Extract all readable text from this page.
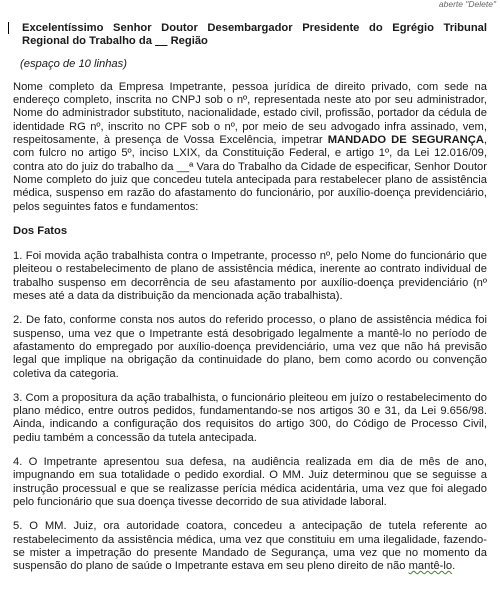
aberte "Delete"

Excelentíssimo Senhor Doutor Desembargador Presidente do Egrégio Tribunal Regional do Trabalho da __ Região

(espaço de 10 linhas)

Nome completo da Empresa Impetrante, pessoa jurídica de direito privado, com sede na endereço completo, inscrita no CNPJ sob o nº, representada neste ato por seu administrador, Nome do administrador substituto, nacionalidade, estado civil, profissão, portador da cédula de identidade RG nº, inscrito no CPF sob o nº, por meio de seu advogado infra assinado, vem, respeitosamente, à presença de Vossa Excelência, impetrar MANDADO DE SEGURANÇA, com fulcro no artigo 5º, inciso LXIX, da Constituição Federal, e artigo 1º, da Lei 12.016/09, contra ato do juiz do trabalho da __ª Vara do Trabalho da Cidade de especificar, Senhor Doutor Nome completo do juiz que concedeu tutela antecipada para restabelecer plano de assistência médica, suspenso em razão do afastamento do funcionário, por auxílio-doença previdenciário, pelos seguintes fatos e fundamentos:

Dos Fatos

1. Foi movida ação trabalhista contra o Impetrante, processo nº, pelo Nome do funcionário que pleiteou o restabelecimento de plano de assistência médica, inerente ao contrato individual de trabalho suspenso em decorrência de seu afastamento por auxílio-doença previdenciário (nº meses até a data da distribuição da mencionada ação trabalhista).

2. De fato, conforme consta nos autos do referido processo, o plano de assistência médica foi suspenso, uma vez que o Impetrante está desobrigado legalmente a mantê-lo no período de afastamento do empregado por auxílio-doença previdenciário, uma vez que não há previsão legal que implique na obrigação da continuidade do plano, bem como acordo ou convenção coletiva da categoria.

3. Com a propositura da ação trabalhista, o funcionário pleiteou em juízo o restabelecimento do plano médico, entre outros pedidos, fundamentando-se nos artigos 30 e 31, da Lei 9.656/98. Ainda, indicando a configuração dos requisitos do artigo 300, do Código de Processo Civil, pediu também a concessão da tutela antecipada.

4. O Impetrante apresentou sua defesa, na audiência realizada em dia de mês de ano, impugnando em sua totalidade o pedido exordial. O MM. Juiz determinou que se seguisse a instrução processual e que se realizasse perícia médica acidentária, uma vez que foi alegado pelo funcionário que sua doença tivesse decorrido de sua atividade laboral.

5. O MM. Juiz, ora autoridade coatora, concedeu a antecipação de tutela referente ao restabelecimento da assistência médica, uma vez que constituiu em uma ilegalidade, fazendo-se mister a impetração do presente Mandado de Segurança, uma vez que no momento da suspensão do plano de saúde o Impetrante estava em seu pleno direito de não mantê-lo.
